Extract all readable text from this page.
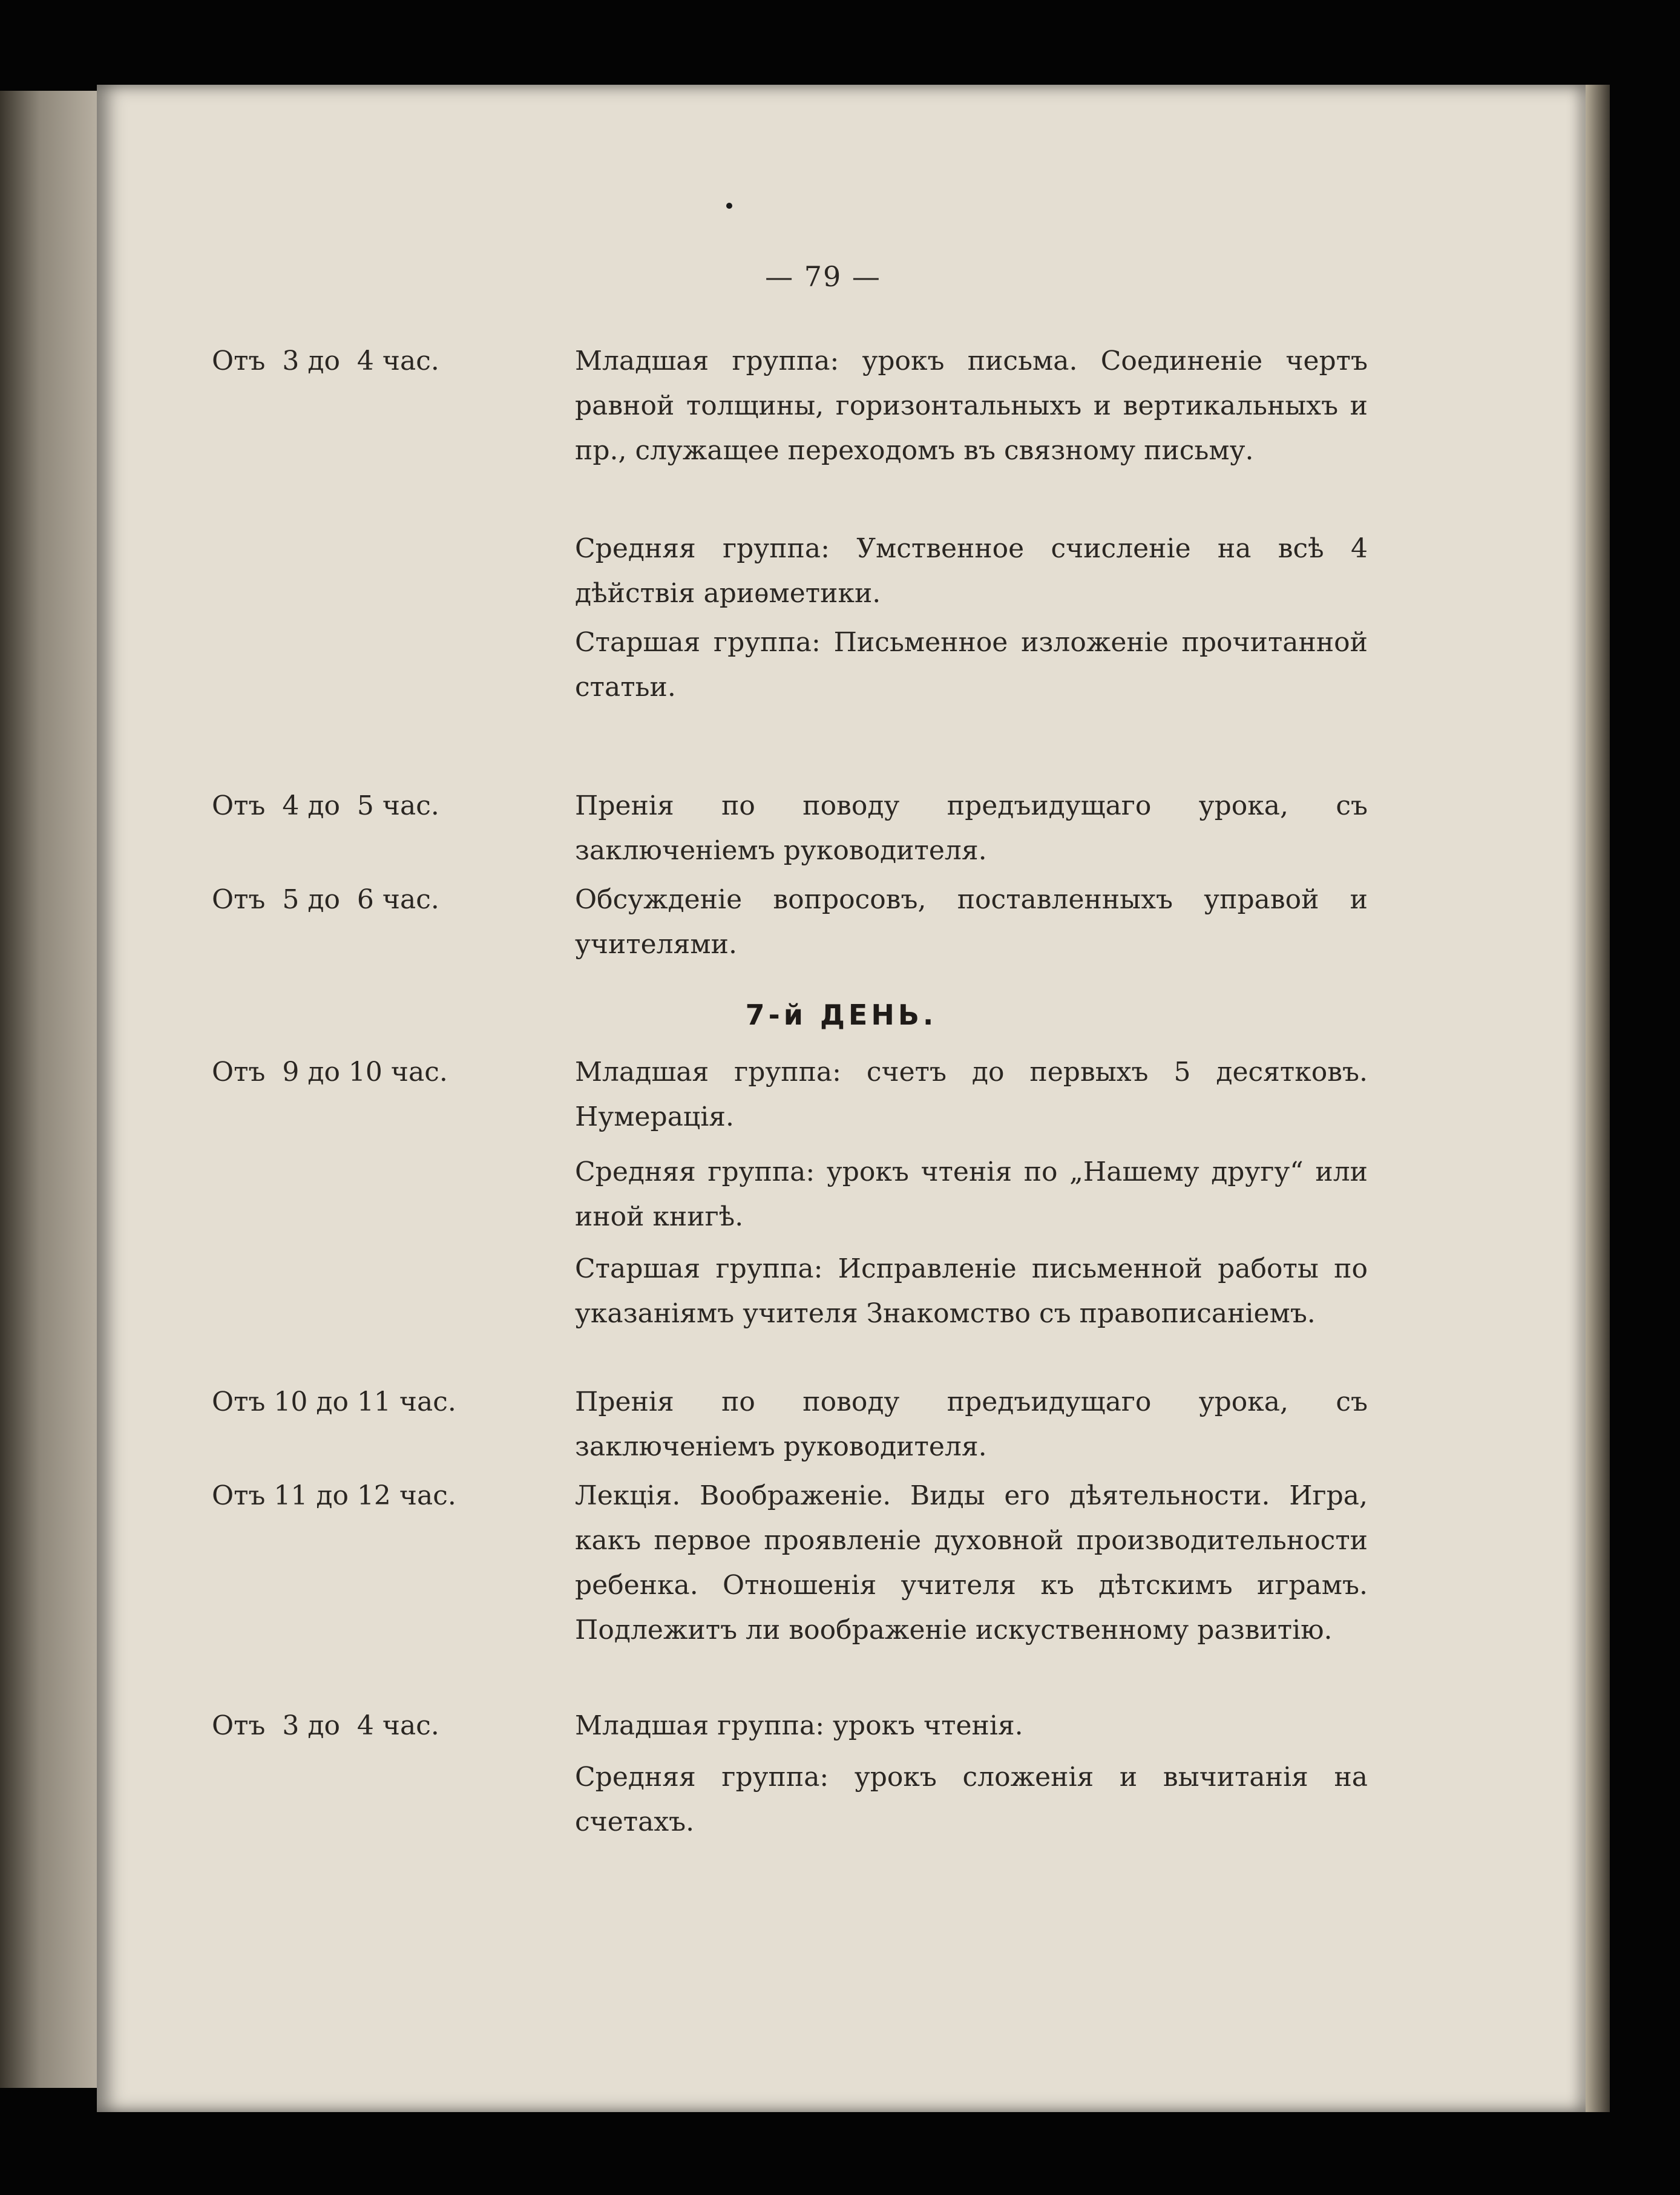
— 79 —
Отъ  3 до  4 час.	Младшая группа: урокъ письма. Соединеніе чертъ равной толщины, горизонтальныхъ и вертикальныхъ и пр., служащее переходомъ въ связному письму.
Средняя группа: Умственное счисленіе на всѣ 4 дѣйствія ариѳметики.
Старшая группа: Письменное изложеніе прочитанной статьи.
Отъ  4 до  5 час.	Пренія по поводу предъидущаго урока, съ заключеніемъ руководителя.
Отъ  5 до  6 час.	Обсужденіе вопросовъ, поставленныхъ управой и учителями.
7-й ДЕНЬ.
Отъ  9 до 10 час.	Младшая группа: счетъ до первыхъ 5 десятковъ. Нумерація.
Средняя группа: урокъ чтенія по „Нашему другу“ или иной книгѣ.
Старшая группа: Исправленіе письменной работы по указаніямъ учителя Знакомство съ правописаніемъ.
Отъ 10 до 11 час.	Пренія по поводу предъидущаго урока, съ заключеніемъ руководителя.
Отъ 11 до 12 час.	Лекція. Воображеніе. Виды его дѣятельности. Игра, какъ первое проявленіе духовной производительности ребенка. Отношенія учителя къ дѣтскимъ играмъ. Подлежитъ ли воображеніе искуственному развитію.
Отъ  3 до  4 час.	Младшая группа: урокъ чтенія.
Средняя группа: урокъ сложенія и вычитанія на счетахъ.
